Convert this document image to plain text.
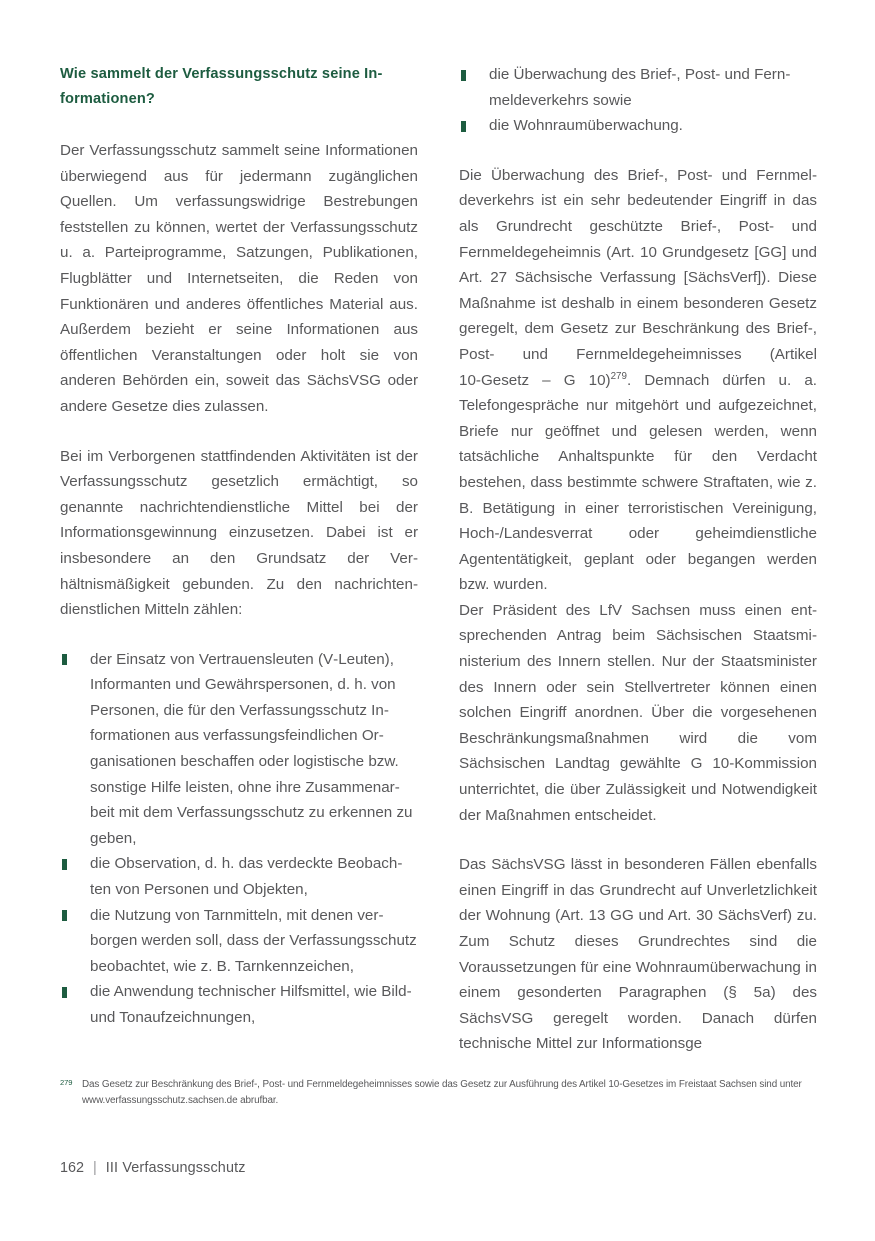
Wie sammelt der Verfassungsschutz seine Informationen?

Der Verfassungsschutz sammelt seine Informationen überwiegend aus für jedermann zugänglichen Quellen. Um verfassungswidrige Bestrebungen feststellen zu können, wertet der Verfassungsschutz u. a. Parteiprogramme, Satzungen, Publikationen, Flugblätter und Internetseiten, die Reden von Funktionären und anderes öffentliches Material aus. Außerdem bezieht er seine Informationen aus öffentlichen Veranstaltungen oder holt sie von anderen Behörden ein, soweit das SächsVSG oder andere Gesetze dies zulassen.

Bei im Verborgenen stattfindenden Aktivitäten ist der Verfassungsschutz gesetzlich ermächtigt, so genannte nachrichtendienstliche Mittel bei der Informationsgewinnung einzusetzen. Dabei ist er insbesondere an den Grundsatz der Verhältnismäßigkeit gebunden. Zu den nachrichtendienstlichen Mitteln zählen:

der Einsatz von Vertrauensleuten (V‑Leuten), Informanten und Gewährspersonen, d. h. von Personen, die für den Verfassungsschutz Informationen aus verfassungsfeindlichen Organisationen beschaffen oder logistische bzw. sonstige Hilfe leisten, ohne ihre Zusammenarbeit mit dem Verfassungsschutz zu erkennen zu geben,
die Observation, d. h. das verdeckte Beobachten von Personen und Objekten,
die Nutzung von Tarnmitteln, mit denen verborgen werden soll, dass der Verfassungsschutz beobachtet, wie z. B. Tarnkennzeichen,
die Anwendung technischer Hilfsmittel, wie Bild‑ und Tonaufzeichnungen,
die Überwachung des Brief‑, Post‑ und Fernmeldeverkehrs sowie
die Wohnraumüberwachung.

Die Überwachung des Brief‑, Post‑ und Fernmeldeverkehrs ist ein sehr bedeutender Eingriff in das als Grundrecht geschützte Brief‑, Post‑ und Fernmeldegeheimnis (Art. 10 Grundgesetz [GG] und Art. 27 Sächsische Verfassung [SächsVerf]). Diese Maßnahme ist deshalb in einem besonderen Gesetz geregelt, dem Gesetz zur Beschränkung des Brief‑, Post‑ und Fernmeldegeheimnisses (Artikel 10‑Gesetz – G 10)$^{279}$. Demnach dürfen u. a. Telefongespräche nur mitgehört und aufgezeichnet, Briefe nur geöffnet und gelesen werden, wenn tatsächliche Anhaltspunkte für den Verdacht bestehen, dass bestimmte schwere Straftaten, wie z. B. Betätigung in einer terroristischen Vereinigung, Hoch‑/Landesverrat oder geheimdienstliche Agententätigkeit, geplant oder begangen werden bzw. wurden.

Der Präsident des LfV Sachsen muss einen entsprechenden Antrag beim Sächsischen Staatsministerium des Innern stellen. Nur der Staatsminister des Innern oder sein Stellvertreter können einen solchen Eingriff anordnen. Über die vorgesehenen Beschränkungsmaßnahmen wird die vom Sächsischen Landtag gewählte G 10‑Kommission unterrichtet, die über Zulässigkeit und Notwendigkeit der Maßnahmen entscheidet.

Das SächsVSG lässt in besonderen Fällen ebenfalls einen Eingriff in das Grundrecht auf Unverletzlichkeit der Wohnung (Art. 13 GG und Art. 30 SächsVerf) zu. Zum Schutz dieses Grundrechtes sind die Voraussetzungen für eine Wohnraumüberwachung in einem gesonderten Paragraphen (§ 5a) des SächsVSG geregelt worden. Danach dürfen technische Mittel zur Informationsge

279 Das Gesetz zur Beschränkung des Brief‑, Post‑ und Fernmeldegeheimnisses sowie das Gesetz zur Ausführung des Artikel 10‑Gesetzes im Freistaat Sachsen sind unter www.verfassungsschutz.sachsen.de abrufbar.
162 | III Verfassungsschutz
